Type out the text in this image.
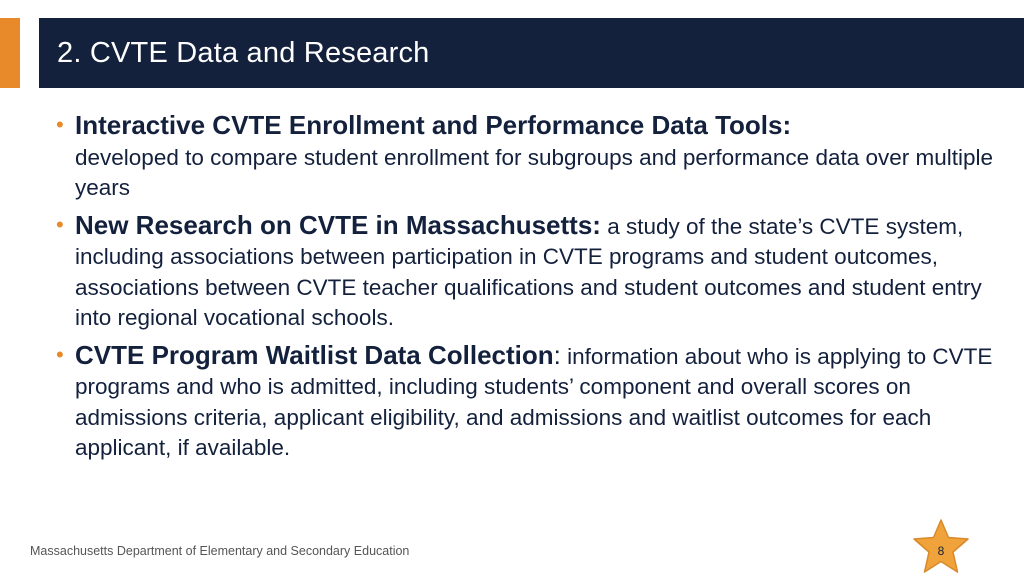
2. CVTE Data and Research
• Interactive CVTE Enrollment and Performance Data Tools:
developed to compare student enrollment for subgroups and performance data over multiple years
• New Research on CVTE in Massachusetts: a study of the state’s CVTE system, including associations between participation in CVTE programs and student outcomes, associations between CVTE teacher qualifications and student outcomes and student entry into regional vocational schools.
• CVTE Program Waitlist Data Collection: information about who is applying to CVTE programs and who is admitted, including students’ component and overall scores on admissions criteria, applicant eligibility, and admissions and waitlist outcomes for each applicant, if available.
Massachusetts Department of Elementary and Secondary Education	8
